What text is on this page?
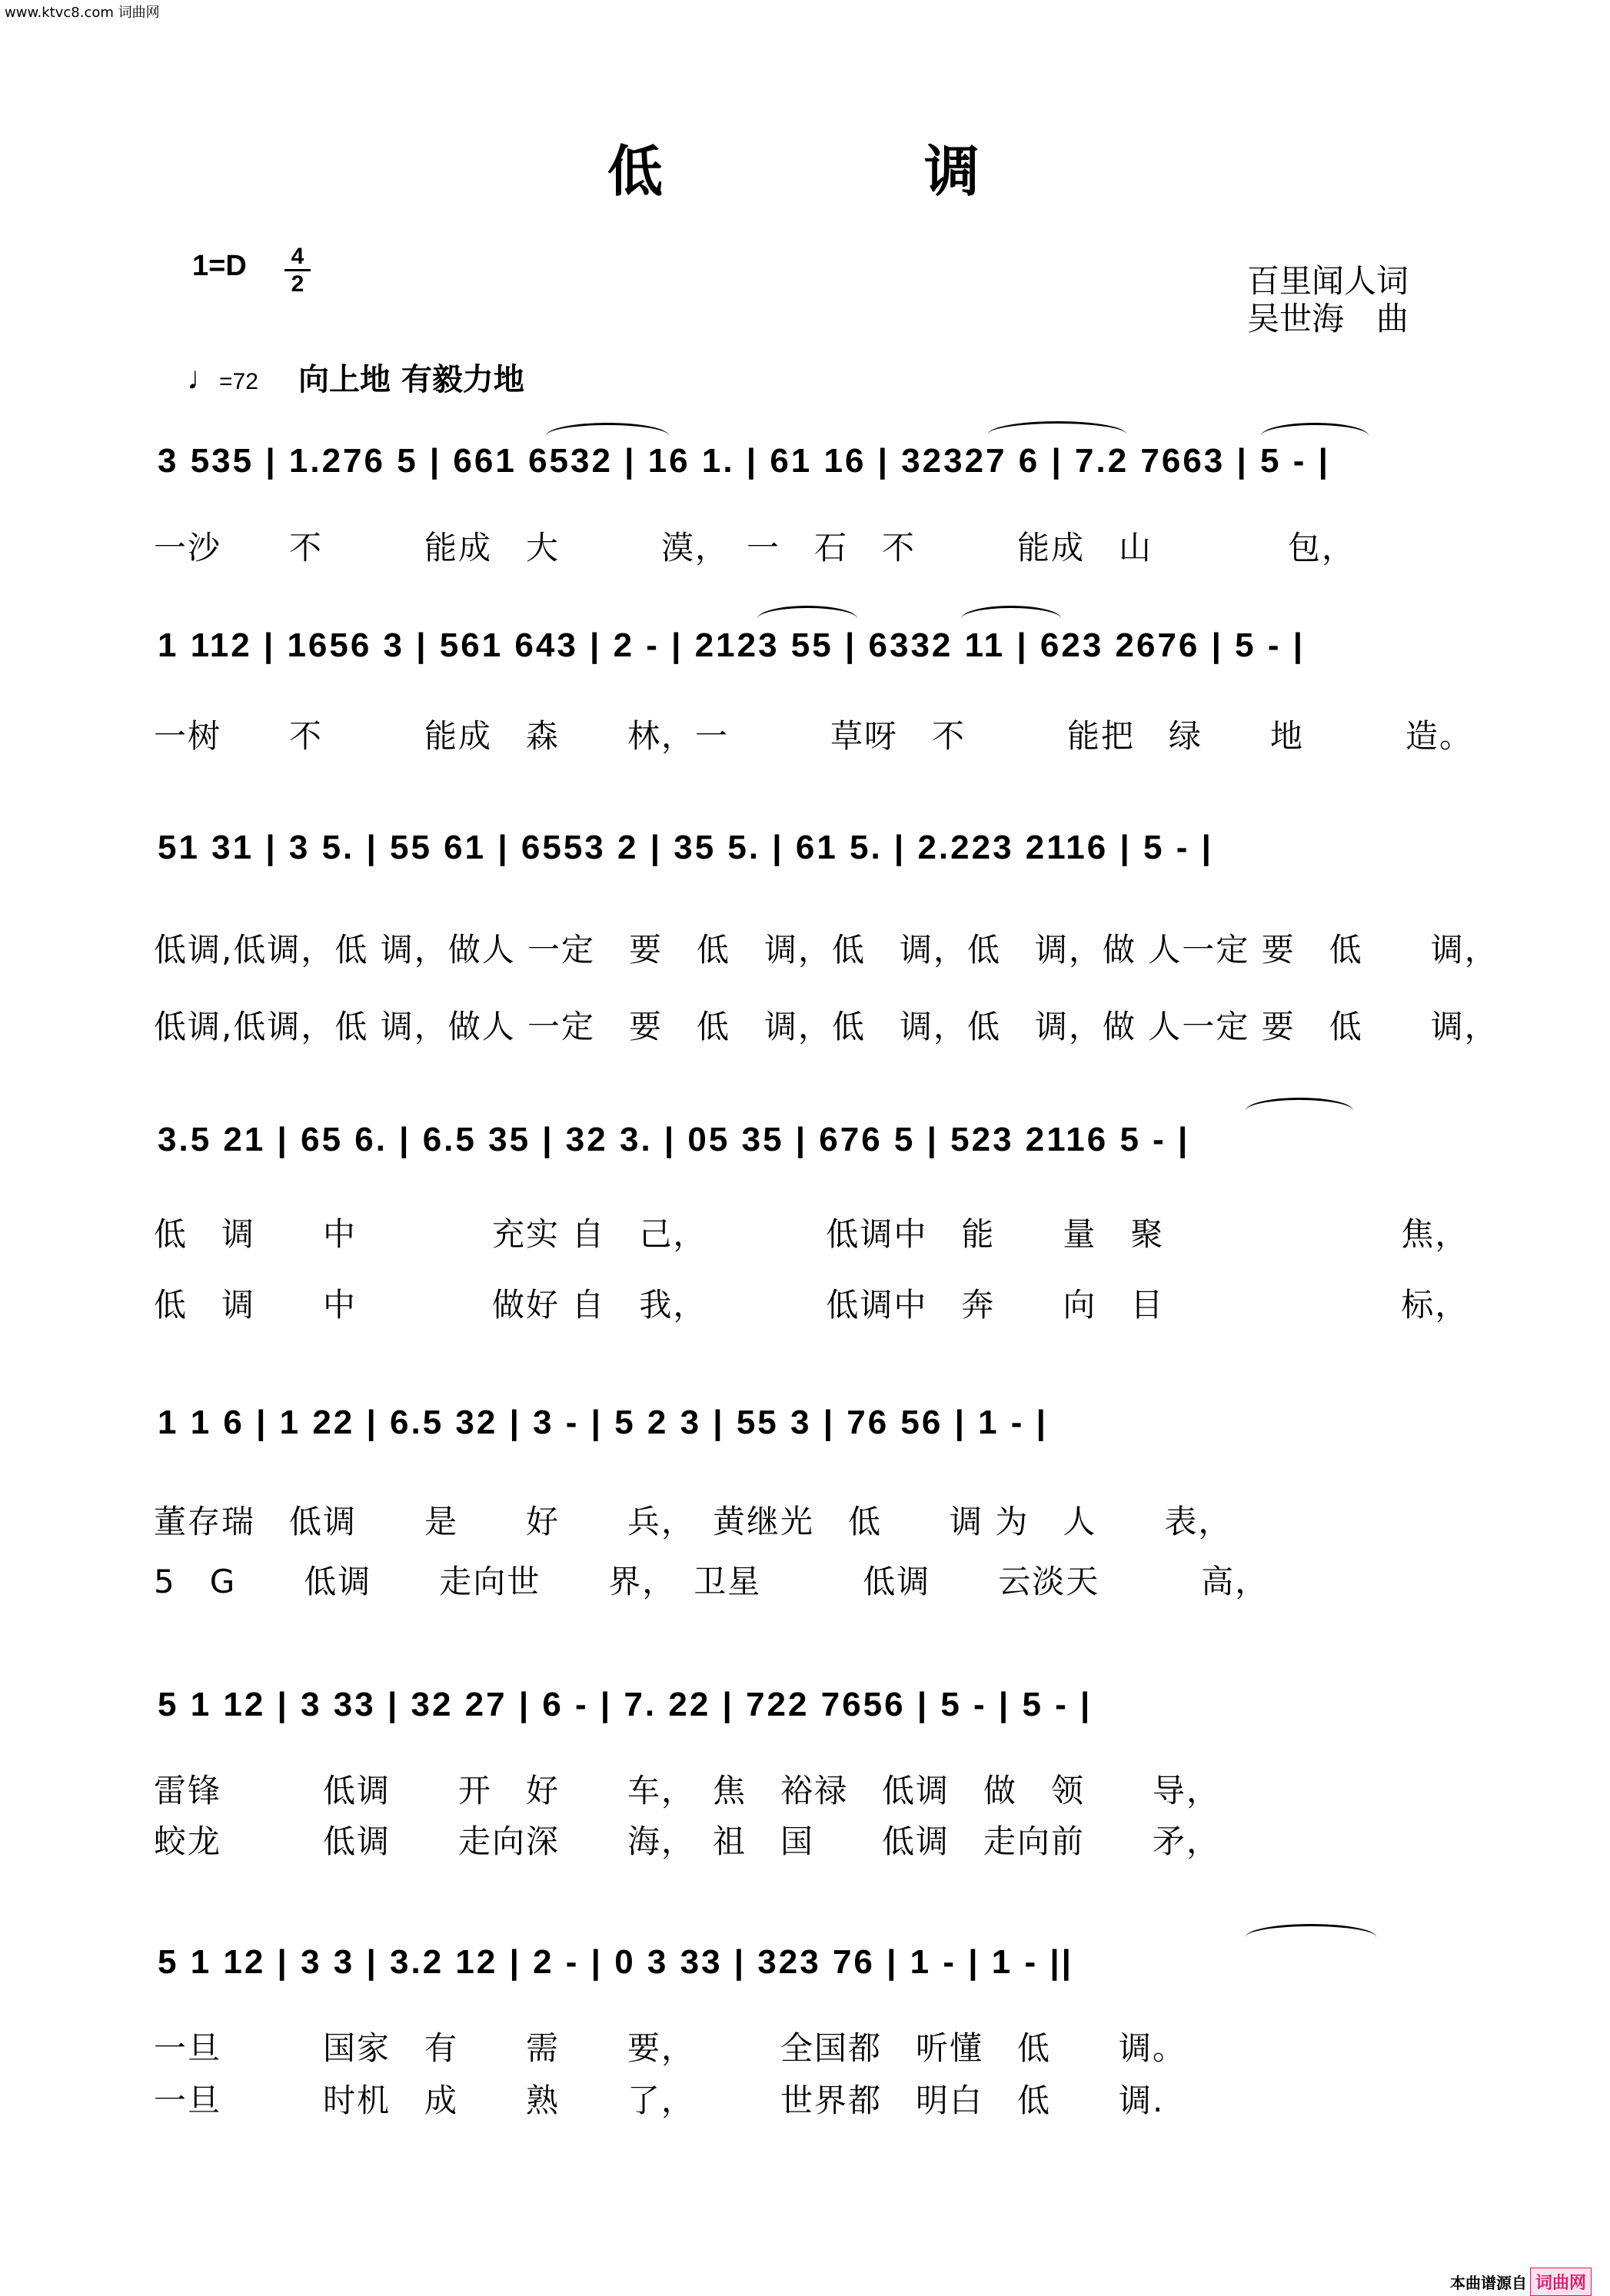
www.ktvc8.com 词曲网
低调
1=D 4
2	百里闻人词
吴世海　曲
♩=72 向上地 有毅力地
3 535 | 1.276 5 | 661 6532 | 16 1. | 61 16 | 32327 6 | 7.2 7663 | 5 - |
一沙　　不　　　能成　大　　　漠，　一　石　不　　　能成　山　　　　包，
1 112 | 1656 3 | 561 643 | 2 - | 2123 55 | 6332 11 | 623 2676 | 5 - |
一树　　不　　　能成　森　　林，一　　　草呀　不　　　能把　绿　　地　　　造。
51 31 | 3 5. | 55 61 | 6553 2 | 35 5. | 61 5. | 2.223 2116 | 5 - |
低调,低调，低 调，做人 一定　要　低　调，低　调，低　调，做 人一定 要　低　　调，
低调,低调，低 调，做人 一定　要　低　调，低　调，低　调，做 人一定 要　低　　调，
3.5 21 | 65 6. | 6.5 35 | 32 3. | 05 35 | 676 5 | 523 2116 5 - |
低　调　　中　　　　充实 自　己，　　　　低调中　能　　量　聚　　　　　　　焦，
低　调　　中　　　　做好 自　我，　　　　低调中　奔　　向　目　　　　　　　标，
1 1 6 | 1 22 | 6.5 32 | 3 - | 5 2 3 | 55 3 | 76 56 | 1 - |
董存瑞　低调　　是　　好　　兵，　黄继光　低　　调 为　人　　表，
5　G　　低调　　走向世　　界，　卫星　　　低调　　云淡天　　　高，
5 1 12 | 3 33 | 32 27 | 6 - | 7. 22 | 722 7656 | 5 - | 5 - |
雷锋　　　低调　　开　好　　车，　焦　裕禄　低调　做　领　　导，
蛟龙　　　低调　　走向深　　海，　祖　国　　低调　走向前　　矛，
5 1 12 | 3 3 | 3.2 12 | 2 - | 0 3 33 | 323 76 | 1 - | 1 - ||
一旦　　　国家　有　　需　　要，　　　全国都　听懂　低　　调。
一旦　　　时机　成　　熟　　了，　　　世界都　明白　低　　调.
本曲谱源自 词曲网
